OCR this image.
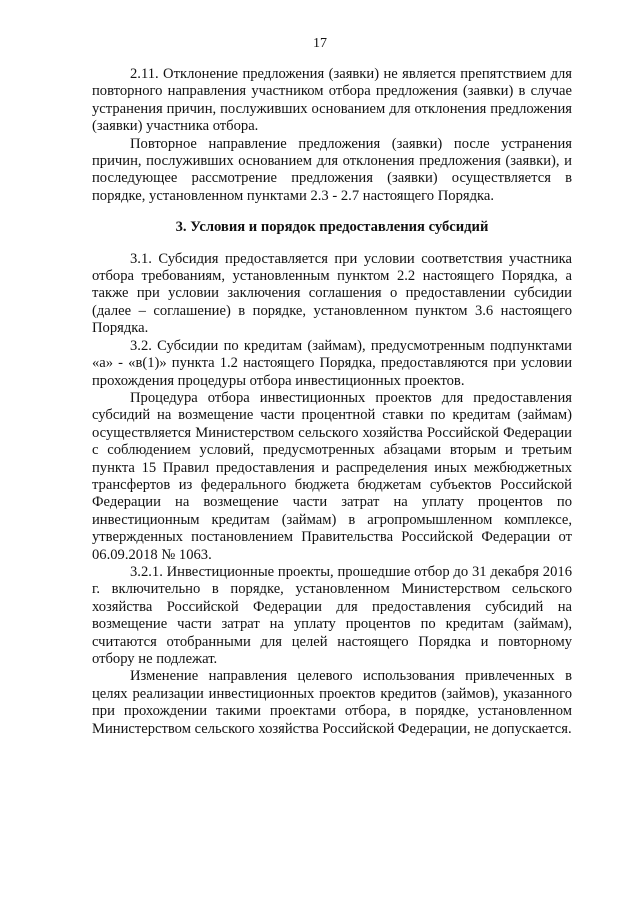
17

2.11. Отклонение предложения (заявки) не является препятствием для повторного направления участником отбора предложения (заявки) в случае устранения причин, послуживших основанием для отклонения предложения (заявки) участника отбора.

Повторное направление предложения (заявки) после устранения причин, послуживших основанием для отклонения предложения (заявки), и последующее рассмотрение предложения (заявки) осуществляется в порядке, установленном пунктами 2.3 - 2.7 настоящего Порядка.

3. Условия и порядок предоставления субсидий

3.1. Субсидия предоставляется при условии соответствия участника отбора требованиям, установленным пунктом 2.2 настоящего Порядка, а также при условии заключения соглашения о предоставлении субсидии (далее – соглашение) в порядке, установленном пунктом 3.6 настоящего Порядка.

3.2. Субсидии по кредитам (займам), предусмотренным подпунктами «а» - «в(1)» пункта 1.2 настоящего Порядка, предоставляются при условии прохождения процедуры отбора инвестиционных проектов.

Процедура отбора инвестиционных проектов для предоставления субсидий на возмещение части процентной ставки по кредитам (займам) осуществляется Министерством сельского хозяйства Российской Федерации с соблюдением условий, предусмотренных абзацами вторым и третьим пункта 15 Правил предоставления и распределения иных межбюджетных трансфертов из федерального бюджета бюджетам субъектов Российской Федерации на возмещение части затрат на уплату процентов по инвестиционным кредитам (займам) в агропромышленном комплексе, утвержденных постановлением Правительства Российской Федерации от 06.09.2018 № 1063.

3.2.1. Инвестиционные проекты, прошедшие отбор до 31 декабря 2016 г. включительно в порядке, установленном Министерством сельского хозяйства Российской Федерации для предоставления субсидий на возмещение части затрат на уплату процентов по кредитам (займам), считаются отобранными для целей настоящего Порядка и повторному отбору не подлежат.

Изменение направления целевого использования привлеченных в целях реализации инвестиционных проектов кредитов (займов), указанного при прохождении такими проектами отбора, в порядке, установленном Министерством сельского хозяйства Российской Федерации, не допускается.
